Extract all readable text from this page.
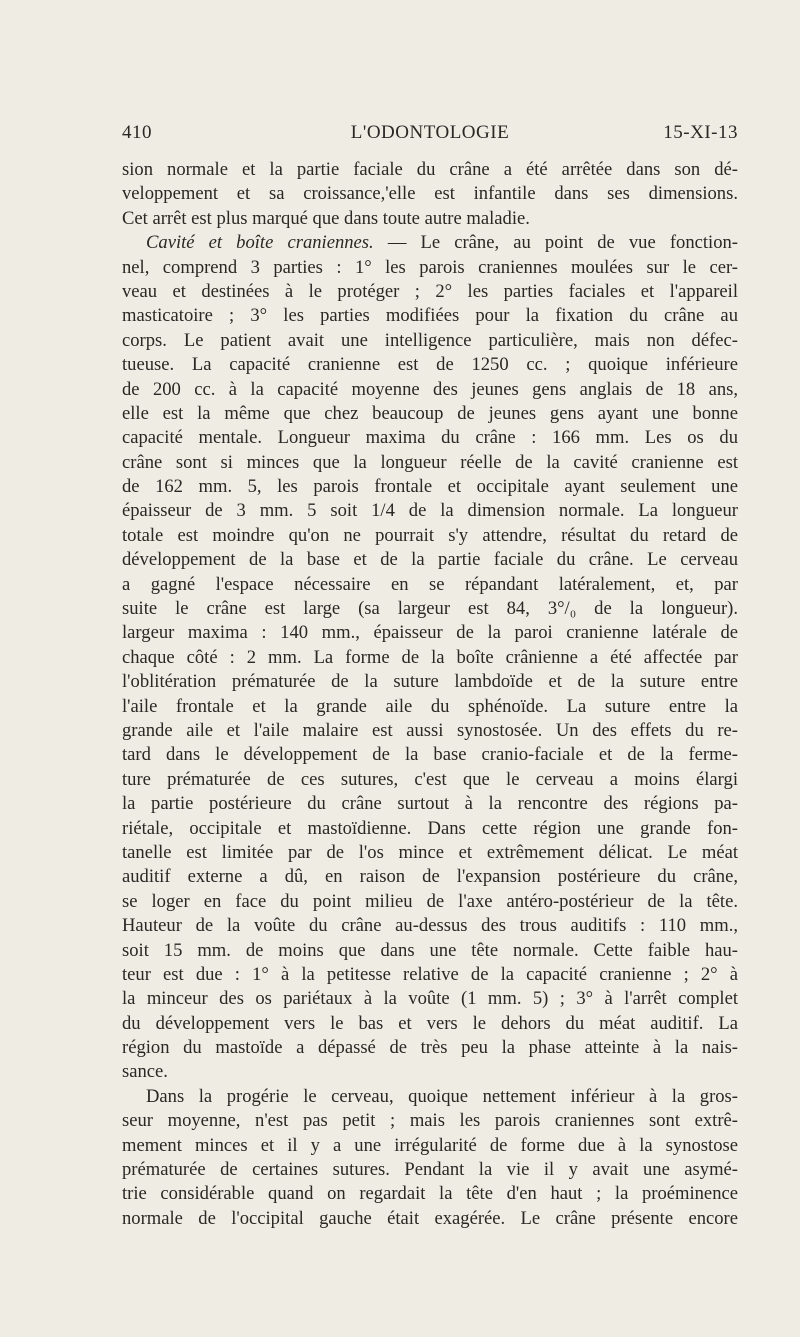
410	L'ODONTOLOGIE	15-XI-13
sion normale et la partie faciale du crâne a été arrêtée dans son dé-
veloppement et sa croissance,'elle est infantile dans ses dimensions.
Cet arrêt est plus marqué que dans toute autre maladie.
Cavité et boîte craniennes. — Le crâne, au point de vue fonction-
nel, comprend 3 parties : 1° les parois craniennes moulées sur le cer-
veau et destinées à le protéger ; 2° les parties faciales et l'appareil
masticatoire ; 3° les parties modifiées pour la fixation du crâne au
corps. Le patient avait une intelligence particulière, mais non défec-
tueuse. La capacité cranienne est de 1250 cc. ; quoique inférieure
de 200 cc. à la capacité moyenne des jeunes gens anglais de 18 ans,
elle est la même que chez beaucoup de jeunes gens ayant une bonne
capacité mentale. Longueur maxima du crâne : 166 mm. Les os du
crâne sont si minces que la longueur réelle de la cavité cranienne est
de 162 mm. 5, les parois frontale et occipitale ayant seulement une
épaisseur de 3 mm. 5 soit 1/4 de la dimension normale. La longueur
totale est moindre qu'on ne pourrait s'y attendre, résultat du retard de
développement de la base et de la partie faciale du crâne. Le cerveau
a gagné l'espace nécessaire en se répandant latéralement, et, par
suite le crâne est large (sa largeur est 84, 3°/₀ de la longueur).
largeur maxima : 140 mm., épaisseur de la paroi cranienne latérale de
chaque côté : 2 mm. La forme de la boîte crânienne a été affectée par
l'oblitération prématurée de la suture lambdoïde et de la suture entre
l'aile frontale et la grande aile du sphénoïde. La suture entre la
grande aile et l'aile malaire est aussi synostosée. Un des effets du re-
tard dans le développement de la base cranio-faciale et de la ferme-
ture prématurée de ces sutures, c'est que le cerveau a moins élargi
la partie postérieure du crâne surtout à la rencontre des régions pa-
riétale, occipitale et mastoïdienne. Dans cette région une grande fon-
tanelle est limitée par de l'os mince et extrêmement délicat. Le méat
auditif externe a dû, en raison de l'expansion postérieure du crâne,
se loger en face du point milieu de l'axe antéro-postérieur de la tête.
Hauteur de la voûte du crâne au-dessus des trous auditifs : 110 mm.,
soit 15 mm. de moins que dans une tête normale. Cette faible hau-
teur est due : 1° à la petitesse relative de la capacité cranienne ; 2° à
la minceur des os pariétaux à la voûte (1 mm. 5) ; 3° à l'arrêt complet
du développement vers le bas et vers le dehors du méat auditif. La
région du mastoïde a dépassé de très peu la phase atteinte à la nais-
sance.
Dans la progérie le cerveau, quoique nettement inférieur à la gros-
seur moyenne, n'est pas petit ; mais les parois craniennes sont extrê-
mement minces et il y a une irrégularité de forme due à la synostose
prématurée de certaines sutures. Pendant la vie il y avait une asymé-
trie considérable quand on regardait la tête d'en haut ; la proéminence
normale de l'occipital gauche était exagérée. Le crâne présente encore
